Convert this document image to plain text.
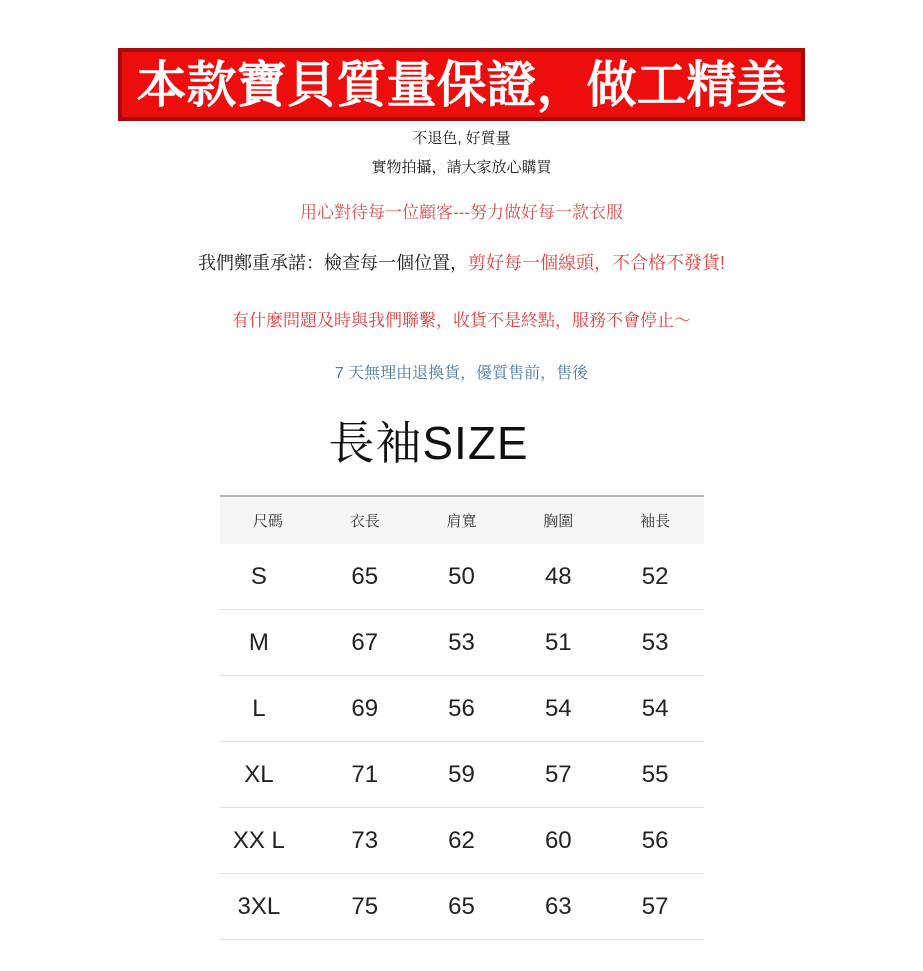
本款寶貝質量保證，做工精美
不退色, 好質量
實物拍攝，請大家放心購買
用心對待每一位顧客---努力做好每一款衣服
我們鄭重承諾：檢查每一個位置，剪好每一個線頭，不合格不發貨!
有什麼問題及時與我們聯繫，收貨不是終點，服務不會停止～
7 天無理由退換貨，優質售前，售後
長袖SIZE
尺碼	衣長	肩寬	胸圍	袖長
S	65	50	48	52
M	67	53	51	53
L	69	56	54	54
XL	71	59	57	55
XX L	73	62	60	56
3XL	75	65	63	57
